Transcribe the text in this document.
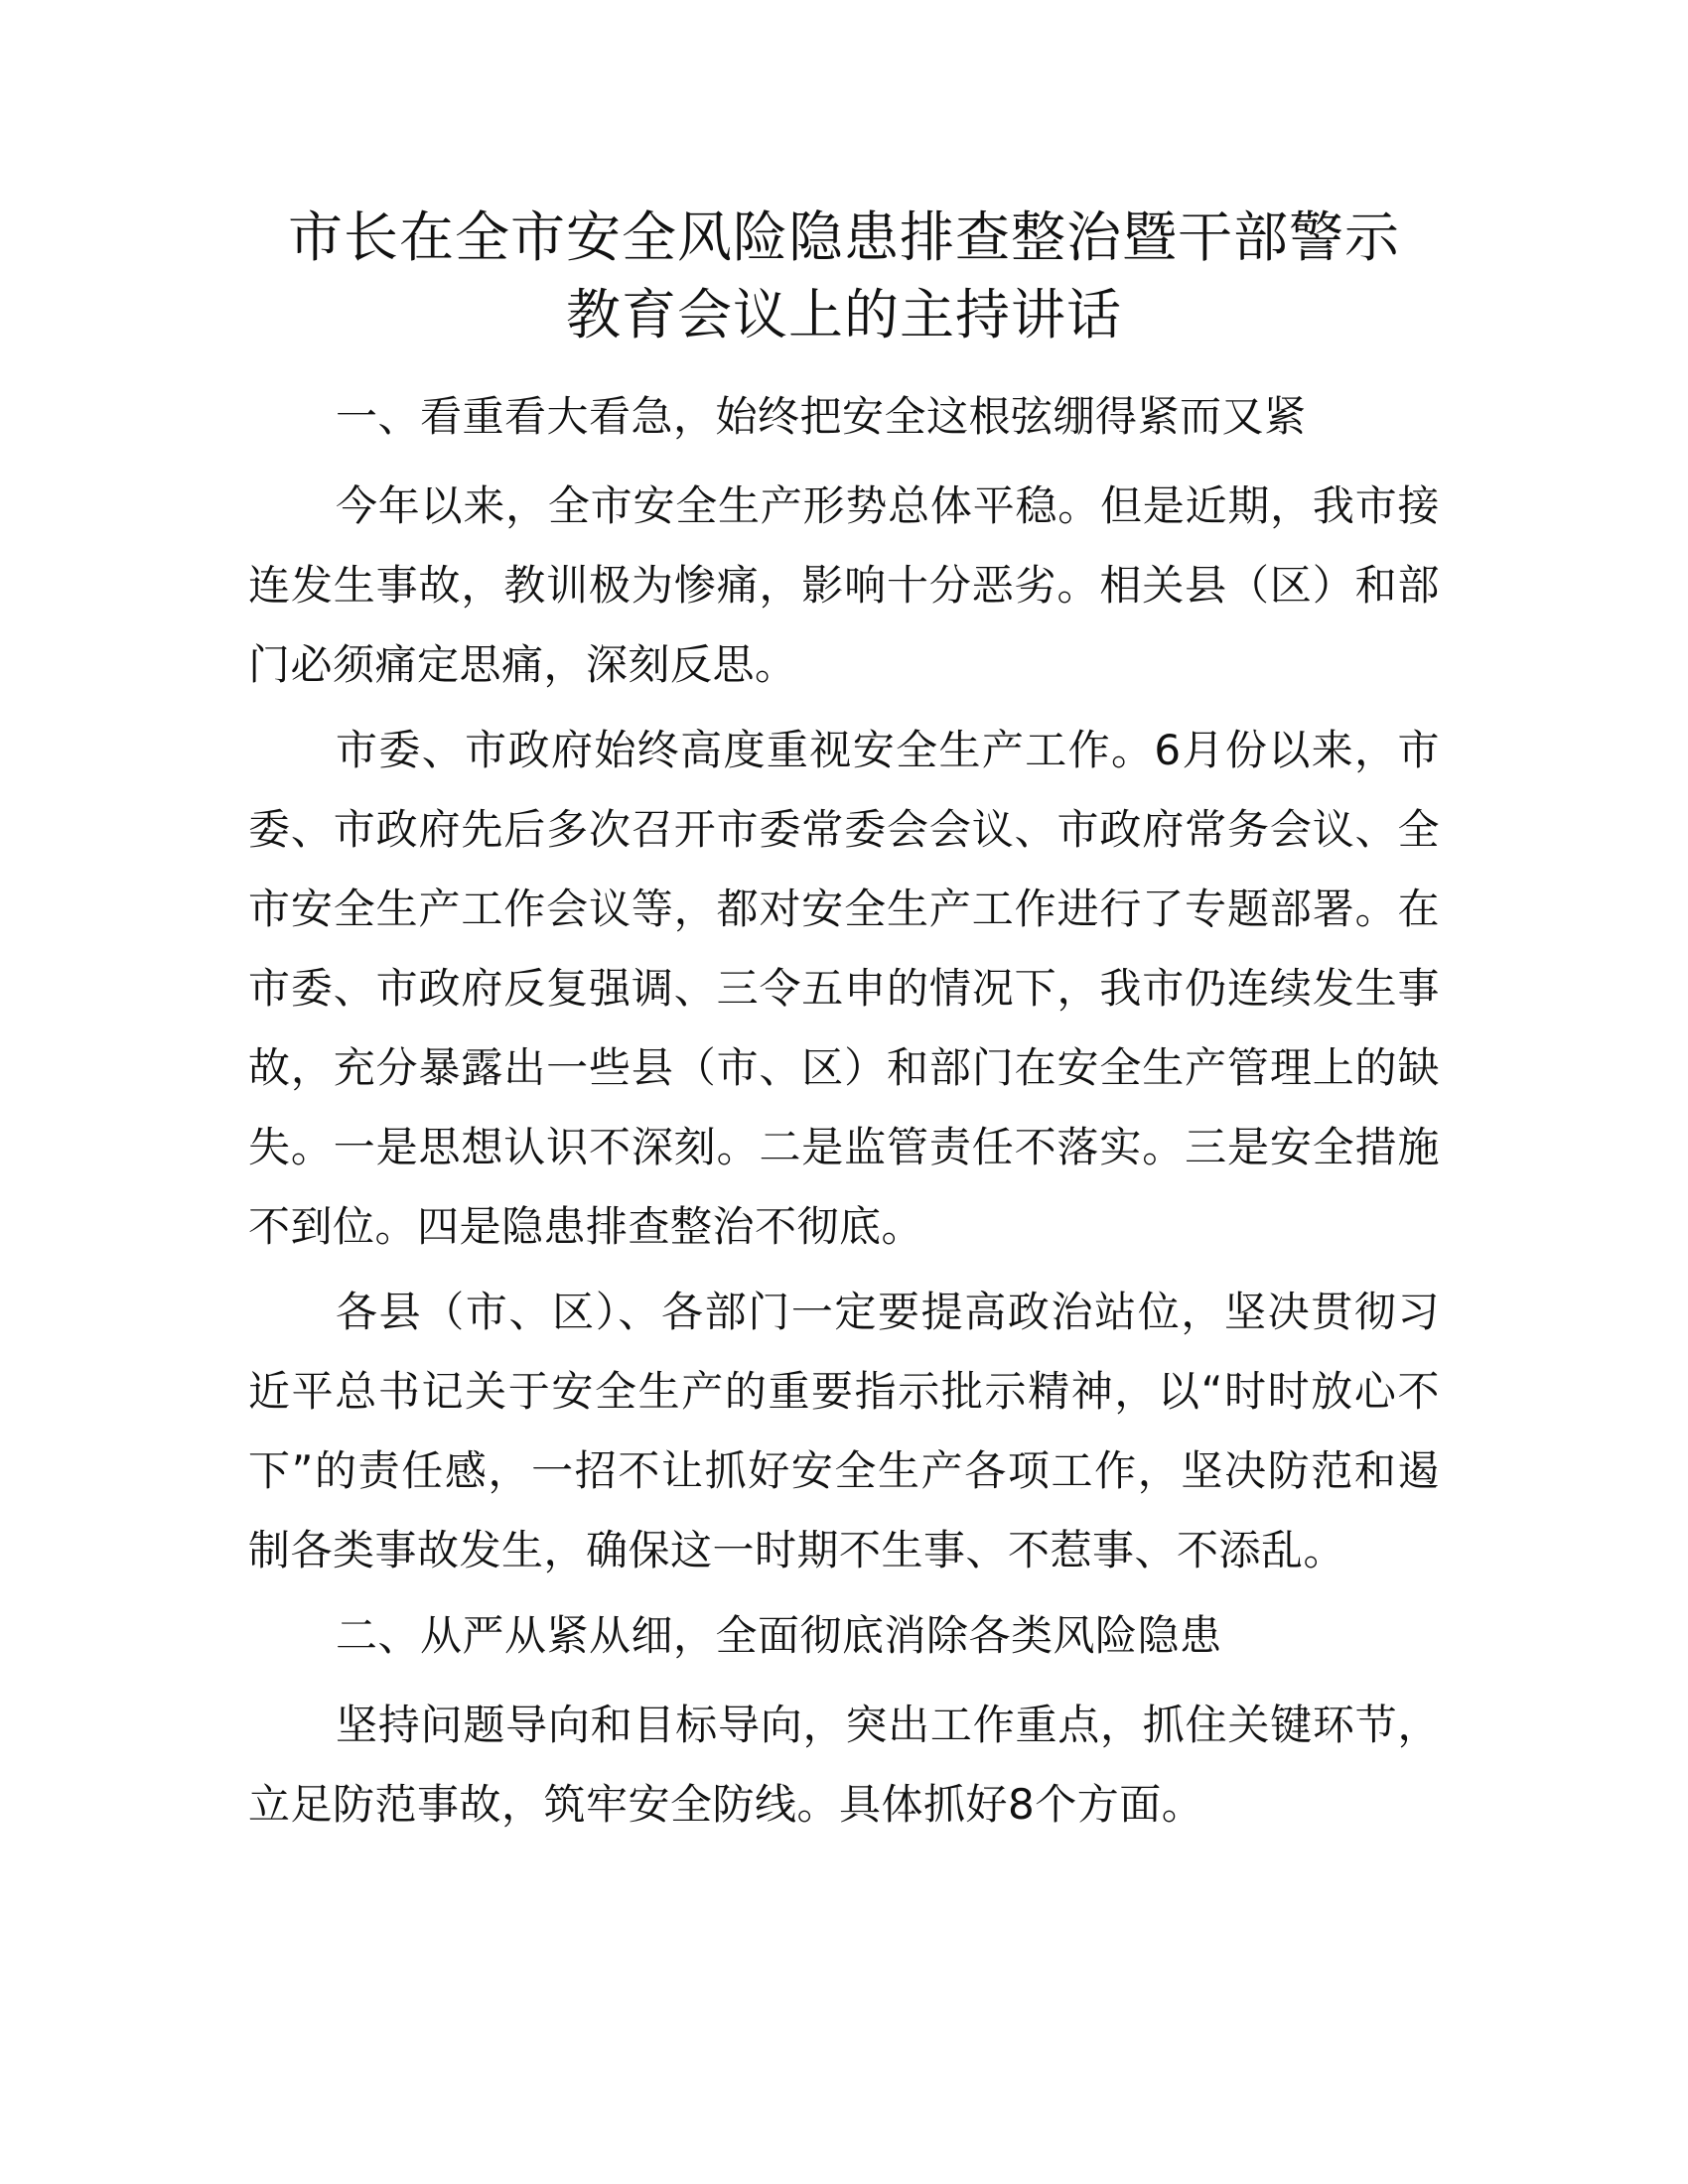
市长在全市安全风险隐患排查整治暨干部警示
教育会议上的主持讲话

一、看重看大看急，始终把安全这根弦绷得紧而又紧

今年以来，全市安全生产形势总体平稳。但是近期，我市接连发生事故，教训极为惨痛，影响十分恶劣。相关县（区）和部门必须痛定思痛，深刻反思。

市委、市政府始终高度重视安全生产工作。6月份以来，市委、市政府先后多次召开市委常委会会议、市政府常务会议、全市安全生产工作会议等，都对安全生产工作进行了专题部署。在市委、市政府反复强调、三令五申的情况下，我市仍连续发生事故，充分暴露出一些县（市、区）和部门在安全生产管理上的缺失。一是思想认识不深刻。二是监管责任不落实。三是安全措施不到位。四是隐患排查整治不彻底。

各县（市、区）、各部门一定要提高政治站位，坚决贯彻习近平总书记关于安全生产的重要指示批示精神，以“时时放心不下”的责任感，一招不让抓好安全生产各项工作，坚决防范和遏制各类事故发生，确保这一时期不生事、不惹事、不添乱。

二、从严从紧从细，全面彻底消除各类风险隐患

坚持问题导向和目标导向，突出工作重点，抓住关键环节，立足防范事故，筑牢安全防线。具体抓好8个方面。
